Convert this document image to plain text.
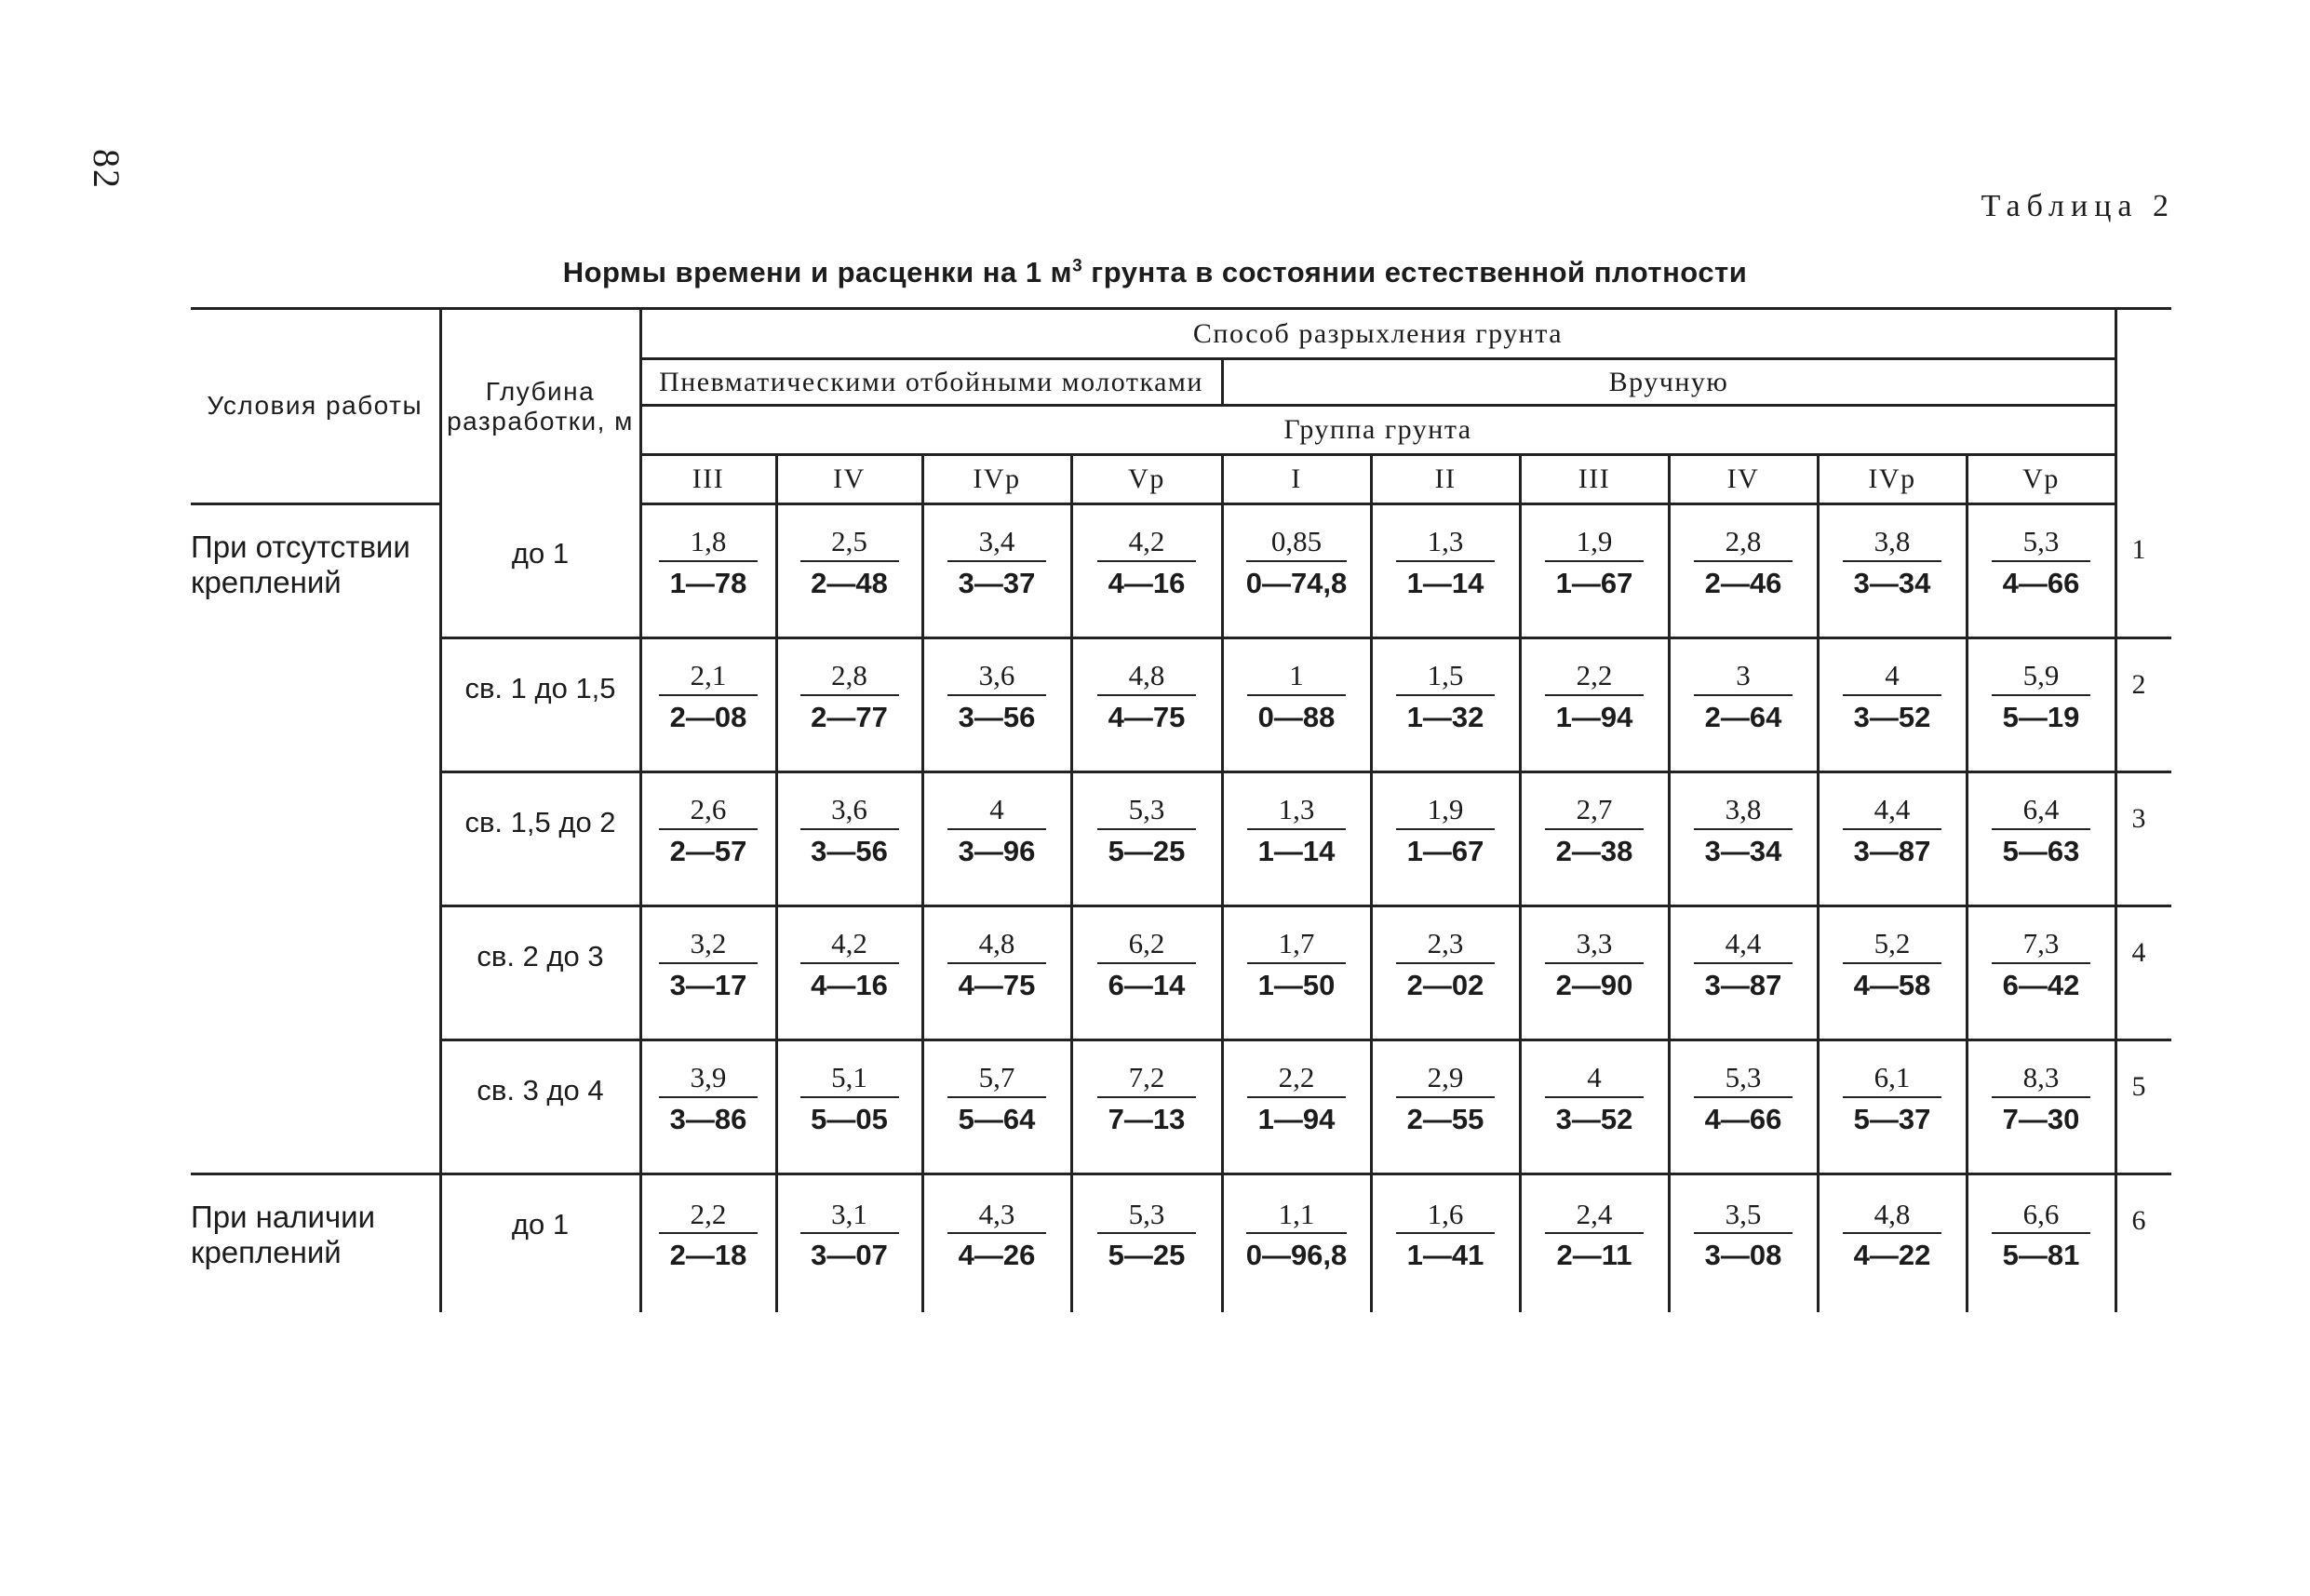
82
Таблица 2
Нормы времени и расценки на 1 $м^3$ грунта в состоянии естественной плотности
Условия работы	Глубина разработки, м	Способ разрыхления грунта										
		Пневматическими отбойными молотками				Вручную						
		Группа грунта										
		III	IV	IVр	Vр	I	II	III	IV	IVр	Vр	
При отсутствии креплений	до 1	$\frac{1,8}{1—78}$	$\frac{2,5}{2—48}$	$\frac{3,4}{3—37}$	$\frac{4,2}{4—16}$	$\frac{0,85}{0—74,8}$	$\frac{1,3}{1—14}$	$\frac{1,9}{1—67}$	$\frac{2,8}{2—46}$	$\frac{3,8}{3—34}$	$\frac{5,3}{4—66}$	1
	св. 1 до 1,5	$\frac{2,1}{2—08}$	$\frac{2,8}{2—77}$	$\frac{3,6}{3—56}$	$\frac{4,8}{4—75}$	$\frac{1}{0—88}$	$\frac{1,5}{1—32}$	$\frac{2,2}{1—94}$	$\frac{3}{2—64}$	$\frac{4}{3—52}$	$\frac{5,9}{5—19}$	2
	св. 1,5 до 2	$\frac{2,6}{2—57}$	$\frac{3,6}{3—56}$	$\frac{4}{3—96}$	$\frac{5,3}{5—25}$	$\frac{1,3}{1—14}$	$\frac{1,9}{1—67}$	$\frac{2,7}{2—38}$	$\frac{3,8}{3—34}$	$\frac{4,4}{3—87}$	$\frac{6,4}{5—63}$	3
	св. 2 до 3	$\frac{3,2}{3—17}$	$\frac{4,2}{4—16}$	$\frac{4,8}{4—75}$	$\frac{6,2}{6—14}$	$\frac{1,7}{1—50}$	$\frac{2,3}{2—02}$	$\frac{3,3}{2—90}$	$\frac{4,4}{3—87}$	$\frac{5,2}{4—58}$	$\frac{7,3}{6—42}$	4
	св. 3 до 4	$\frac{3,9}{3—86}$	$\frac{5,1}{5—05}$	$\frac{5,7}{5—64}$	$\frac{7,2}{7—13}$	$\frac{2,2}{1—94}$	$\frac{2,9}{2—55}$	$\frac{4}{3—52}$	$\frac{5,3}{4—66}$	$\frac{6,1}{5—37}$	$\frac{8,3}{7—30}$	5
При наличии креплений	до 1	$\frac{2,2}{2—18}$	$\frac{3,1}{3—07}$	$\frac{4,3}{4—26}$	$\frac{5,3}{5—25}$	$\frac{1,1}{0—96,8}$	$\frac{1,6}{1—41}$	$\frac{2,4}{2—11}$	$\frac{3,5}{3—08}$	$\frac{4,8}{4—22}$	$\frac{6,6}{5—81}$	6
